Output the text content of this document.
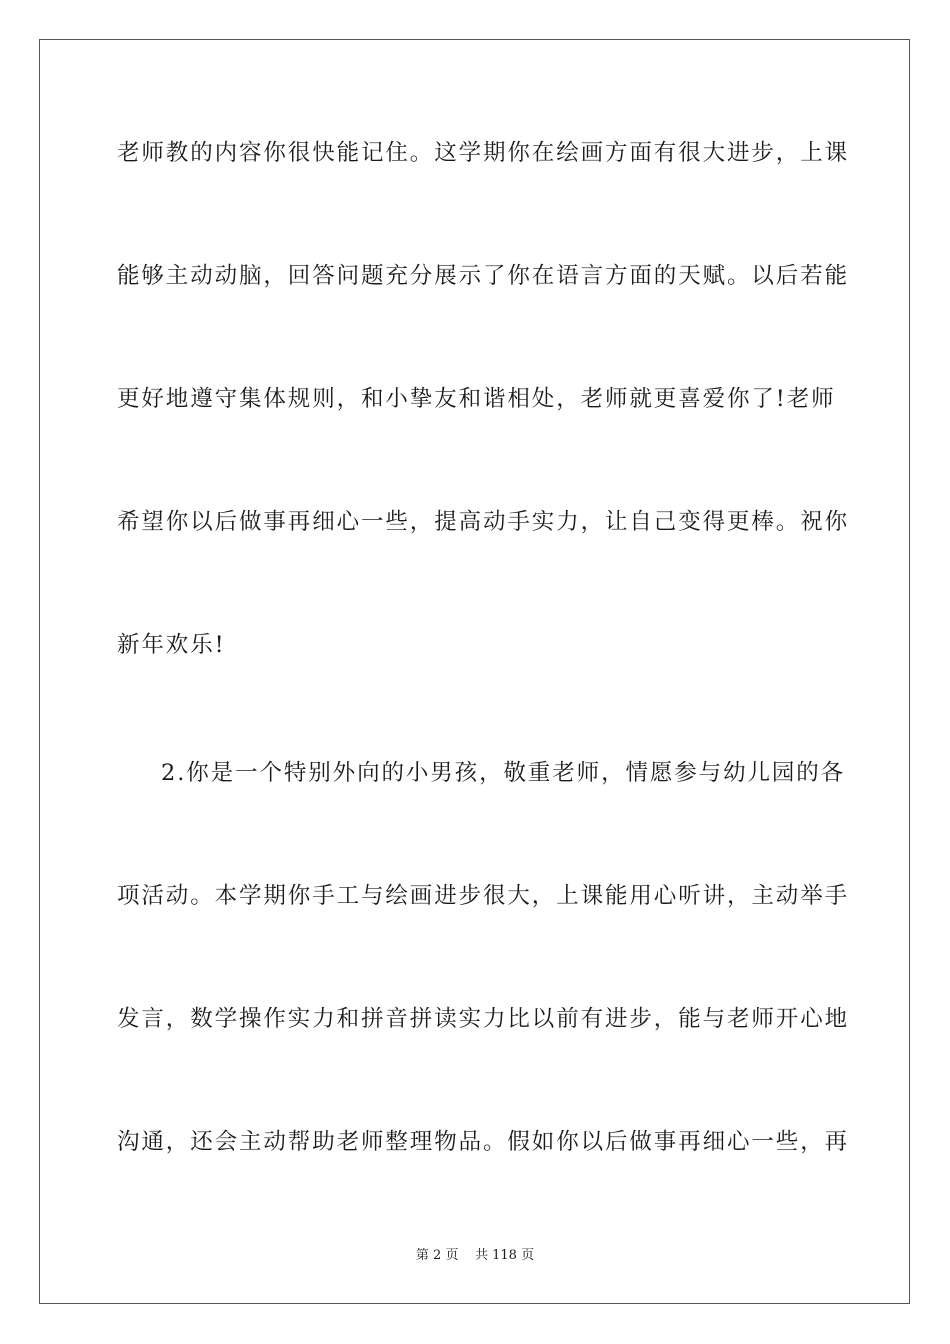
老师教的内容你很快能记住。这学期你在绘画方面有很大进步，上课

能够主动动脑，回答问题充分展示了你在语言方面的天赋。以后若能

更好地遵守集体规则，和小挚友和谐相处，老师就更喜爱你了!老师

希望你以后做事再细心一些，提高动手实力，让自己变得更棒。祝你

新年欢乐!

2.你是一个特别外向的小男孩，敬重老师，情愿参与幼儿园的各

项活动。本学期你手工与绘画进步很大，上课能用心听讲，主动举手

发言，数学操作实力和拼音拼读实力比以前有进步，能与老师开心地

沟通，还会主动帮助老师整理物品。假如你以后做事再细心一些，再

第 2 页    共 118 页
